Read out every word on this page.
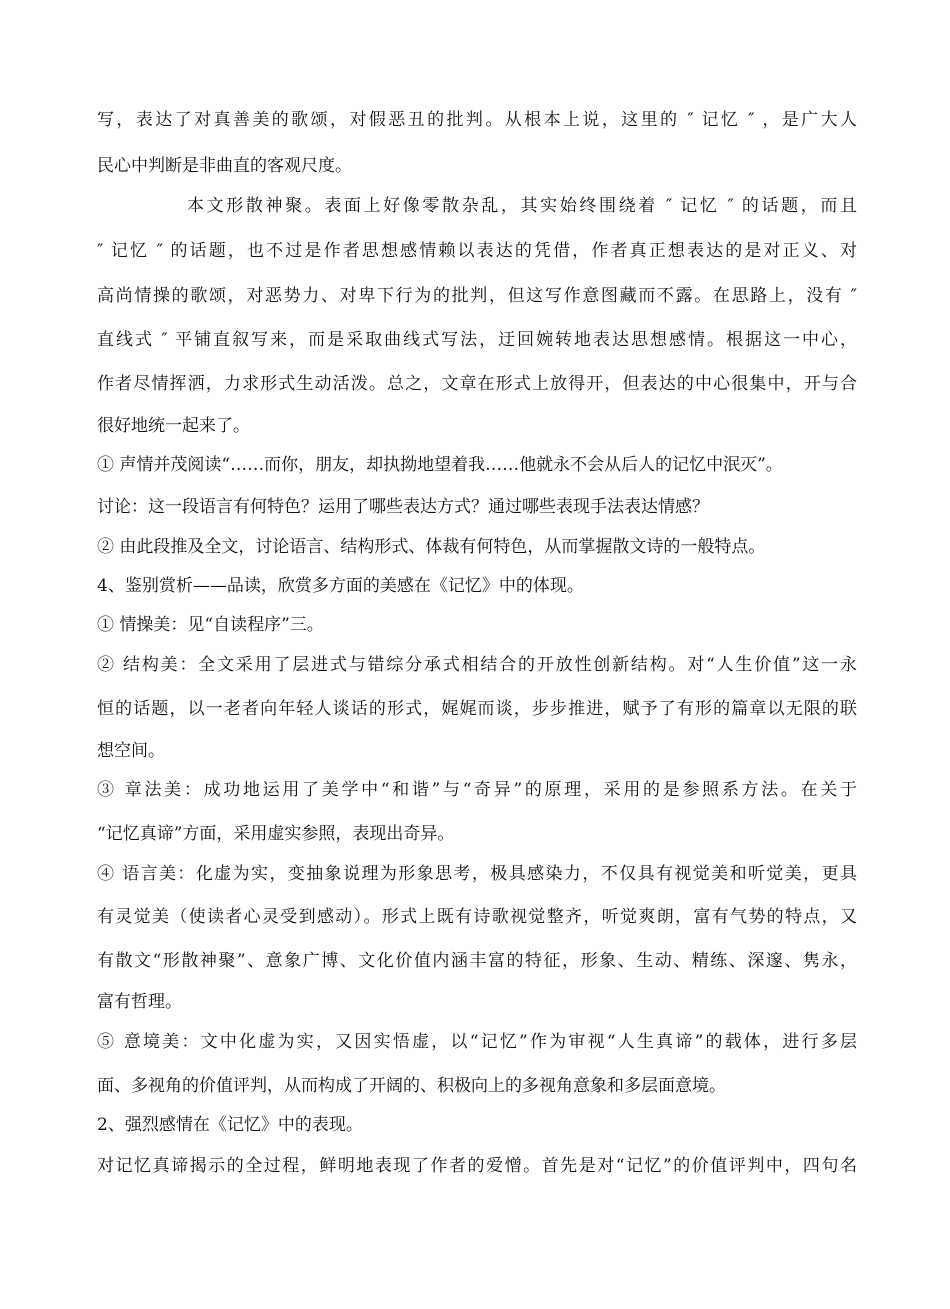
写，表达了对真善美的歌颂，对假恶丑的批判。从根本上说，这里的 ″ 记忆 ″ ，是广大人
民心中判断是非曲直的客观尺度。
本文形散神聚。表面上好像零散杂乱，其实始终围绕着 ″ 记忆 ″ 的话题，而且
″ 记忆 ″ 的话题，也不过是作者思想感情赖以表达的凭借，作者真正想表达的是对正义、对
高尚情操的歌颂，对恶势力、对卑下行为的批判，但这写作意图藏而不露。在思路上，没有 ″
直线式 ″ 平铺直叙写来，而是采取曲线式写法，迂回婉转地表达思想感情。根据这一中心，
作者尽情挥洒，力求形式生动活泼。总之，文章在形式上放得开，但表达的中心很集中，开与合
很好地统一起来了。
① 声情并茂阅读“……而你，朋友，却执拗地望着我……他就永不会从后人的记忆中泯灭”。
讨论：这一段语言有何特色？运用了哪些表达方式？通过哪些表现手法表达情感？
② 由此段推及全文，讨论语言、结构形式、体裁有何特色，从而掌握散文诗的一般特点。
4、鉴别赏析——品读，欣赏多方面的美感在《记忆》中的体现。
① 情操美：见“自读程序”三。
② 结构美：全文采用了层进式与错综分承式相结合的开放性创新结构。对“人生价值”这一永
恒的话题，以一老者向年轻人谈话的形式，娓娓而谈，步步推进，赋予了有形的篇章以无限的联
想空间。
③ 章法美：成功地运用了美学中“和谐”与“奇异”的原理，采用的是参照系方法。在关于
“记忆真谛”方面，采用虚实参照，表现出奇异。
④ 语言美：化虚为实，变抽象说理为形象思考，极具感染力，不仅具有视觉美和听觉美，更具
有灵觉美（使读者心灵受到感动）。形式上既有诗歌视觉整齐，听觉爽朗，富有气势的特点，又
有散文“形散神聚”、意象广博、文化价值内涵丰富的特征，形象、生动、精练、深邃、隽永，
富有哲理。
⑤ 意境美：文中化虚为实，又因实悟虚，以“记忆”作为审视“人生真谛”的载体，进行多层
面、多视角的价值评判，从而构成了开阔的、积极向上的多视角意象和多层面意境。
2、强烈感情在《记忆》中的表现。
对记忆真谛揭示的全过程，鲜明地表现了作者的爱憎。首先是对“记忆”的价值评判中，四句名
